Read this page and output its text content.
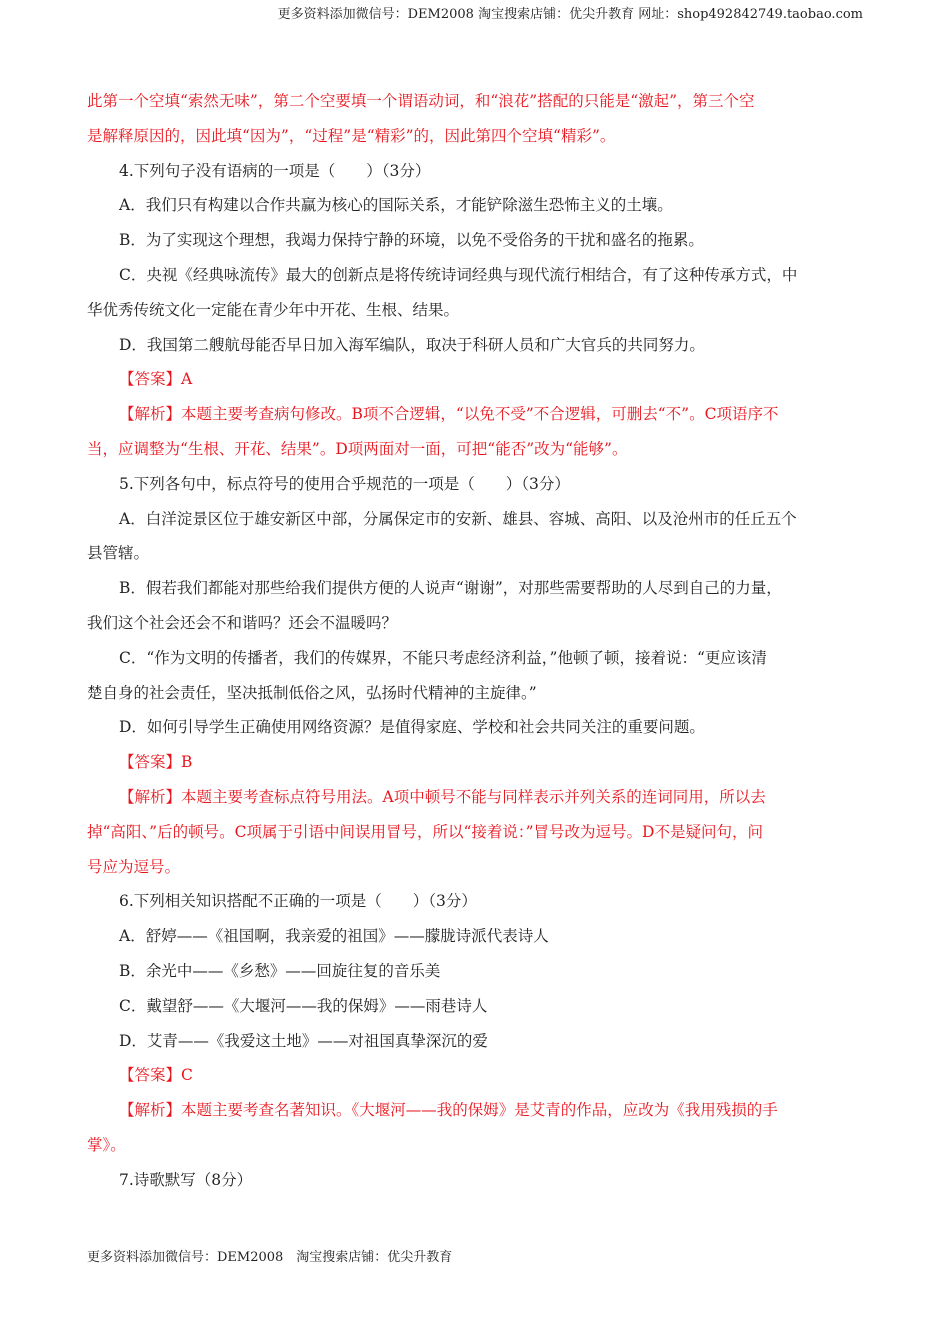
更多资料添加微信号：DEM2008 淘宝搜索店铺：优尖升教育 网址：shop492842749.taobao.com
此第一个空填“索然无味”，第二个空要填一个谓语动词，和“浪花”搭配的只能是“激起”，第三个空
是解释原因的，因此填“因为”，“过程”是“精彩”的，因此第四个空填“精彩”。
4.下列句子没有语病的一项是（　　）（3分）
A．我们只有构建以合作共赢为核心的国际关系，才能铲除滋生恐怖主义的土壤。
B．为了实现这个理想，我竭力保持宁静的环境，以免不受俗务的干扰和盛名的拖累。
C．央视《经典咏流传》最大的创新点是将传统诗词经典与现代流行相结合，有了这种传承方式，中
华优秀传统文化一定能在青少年中开花、生根、结果。
D．我国第二艘航母能否早日加入海军编队，取决于科研人员和广大官兵的共同努力。
【答案】A
【解析】本题主要考查病句修改。B项不合逻辑，“以免不受”不合逻辑，可删去“不”。C项语序不
当，应调整为“生根、开花、结果”。D项两面对一面，可把“能否”改为“能够”。
5.下列各句中，标点符号的使用合乎规范的一项是（　　）（3分）
A．白洋淀景区位于雄安新区中部，分属保定市的安新、雄县、容城、高阳、以及沧州市的任丘五个
县管辖。
B．假若我们都能对那些给我们提供方便的人说声“谢谢”，对那些需要帮助的人尽到自己的力量，
我们这个社会还会不和谐吗？还会不温暖吗？
C．“作为文明的传播者，我们的传媒界，不能只考虑经济利益，”他顿了顿，接着说：“更应该清
楚自身的社会责任，坚决抵制低俗之风，弘扬时代精神的主旋律。”
D．如何引导学生正确使用网络资源？是值得家庭、学校和社会共同关注的重要问题。
【答案】B
【解析】本题主要考查标点符号用法。A项中顿号不能与同样表示并列关系的连词同用，所以去
掉“高阳、”后的顿号。C项属于引语中间误用冒号，所以“接着说：”冒号改为逗号。D不是疑问句，问
号应为逗号。
6.下列相关知识搭配不正确的一项是（　　）（3分）
A．舒婷——《祖国啊，我亲爱的祖国》——朦胧诗派代表诗人
B．余光中——《乡愁》——回旋往复的音乐美
C．戴望舒——《大堰河——我的保姆》——雨巷诗人
D．艾青——《我爱这土地》——对祖国真挚深沉的爱
【答案】C
【解析】本题主要考查名著知识。《大堰河——我的保姆》是艾青的作品，应改为《我用残损的手
掌》。
7.诗歌默写（8分）
更多资料添加微信号：DEM2008　淘宝搜索店铺：优尖升教育
